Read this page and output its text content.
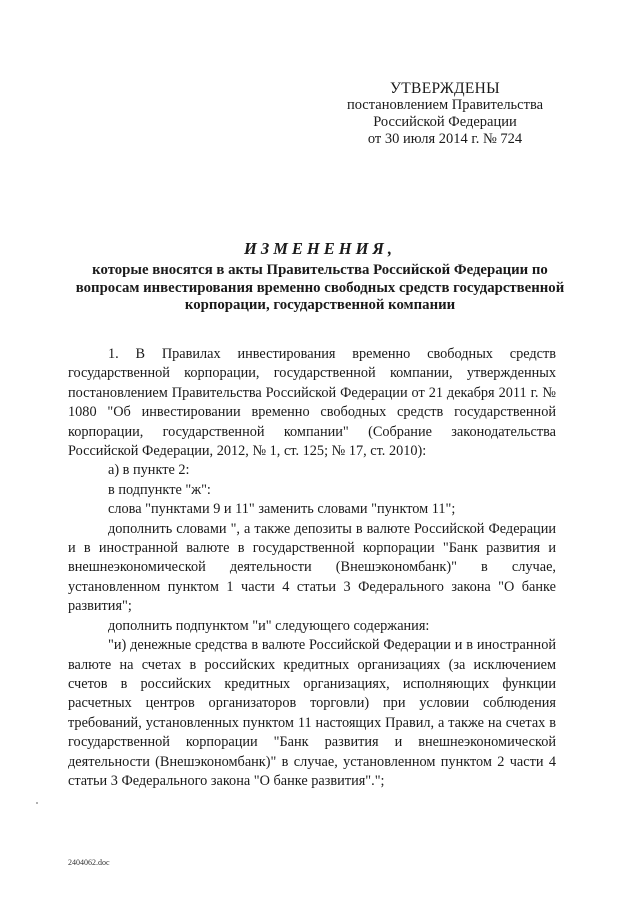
УТВЕРЖДЕНЫ
постановлением Правительства
Российской Федерации
от 30 июля 2014 г. № 724
ИЗМЕНЕНИЯ,
которые вносятся в акты Правительства Российской Федерации по вопросам инвестирования временно свободных средств государственной корпорации, государственной компании

1. В Правилах инвестирования временно свободных средств государственной корпорации, государственной компании, утвержденных постановлением Правительства Российской Федерации от 21 декабря 2011 г. № 1080 "Об инвестировании временно свободных средств государственной корпорации, государственной компании" (Собрание законодательства Российской Федерации, 2012, № 1, ст. 125; № 17, ст. 2010):

а) в пункте 2:

в подпункте "ж":

слова "пунктами 9 и 11" заменить словами "пунктом 11";

дополнить словами ", а также депозиты в валюте Российской Федерации и в иностранной валюте в государственной корпорации "Банк развития и внешнеэкономической деятельности (Внешэкономбанк)" в случае, установленном пунктом 1 части 4 статьи 3 Федерального закона "О банке развития";

дополнить подпунктом "и" следующего содержания:

"и) денежные средства в валюте Российской Федерации и в иностранной валюте на счетах в российских кредитных организациях (за исключением счетов в российских кредитных организациях, исполняющих функции расчетных центров организаторов торговли) при условии соблюдения требований, установленных пунктом 11 настоящих Правил, а также на счетах в государственной корпорации "Банк развития и внешнеэкономической деятельности (Внешэкономбанк)" в случае, установленном пунктом 2 части 4 статьи 3 Федерального закона "О банке развития".";

2404062.doc
